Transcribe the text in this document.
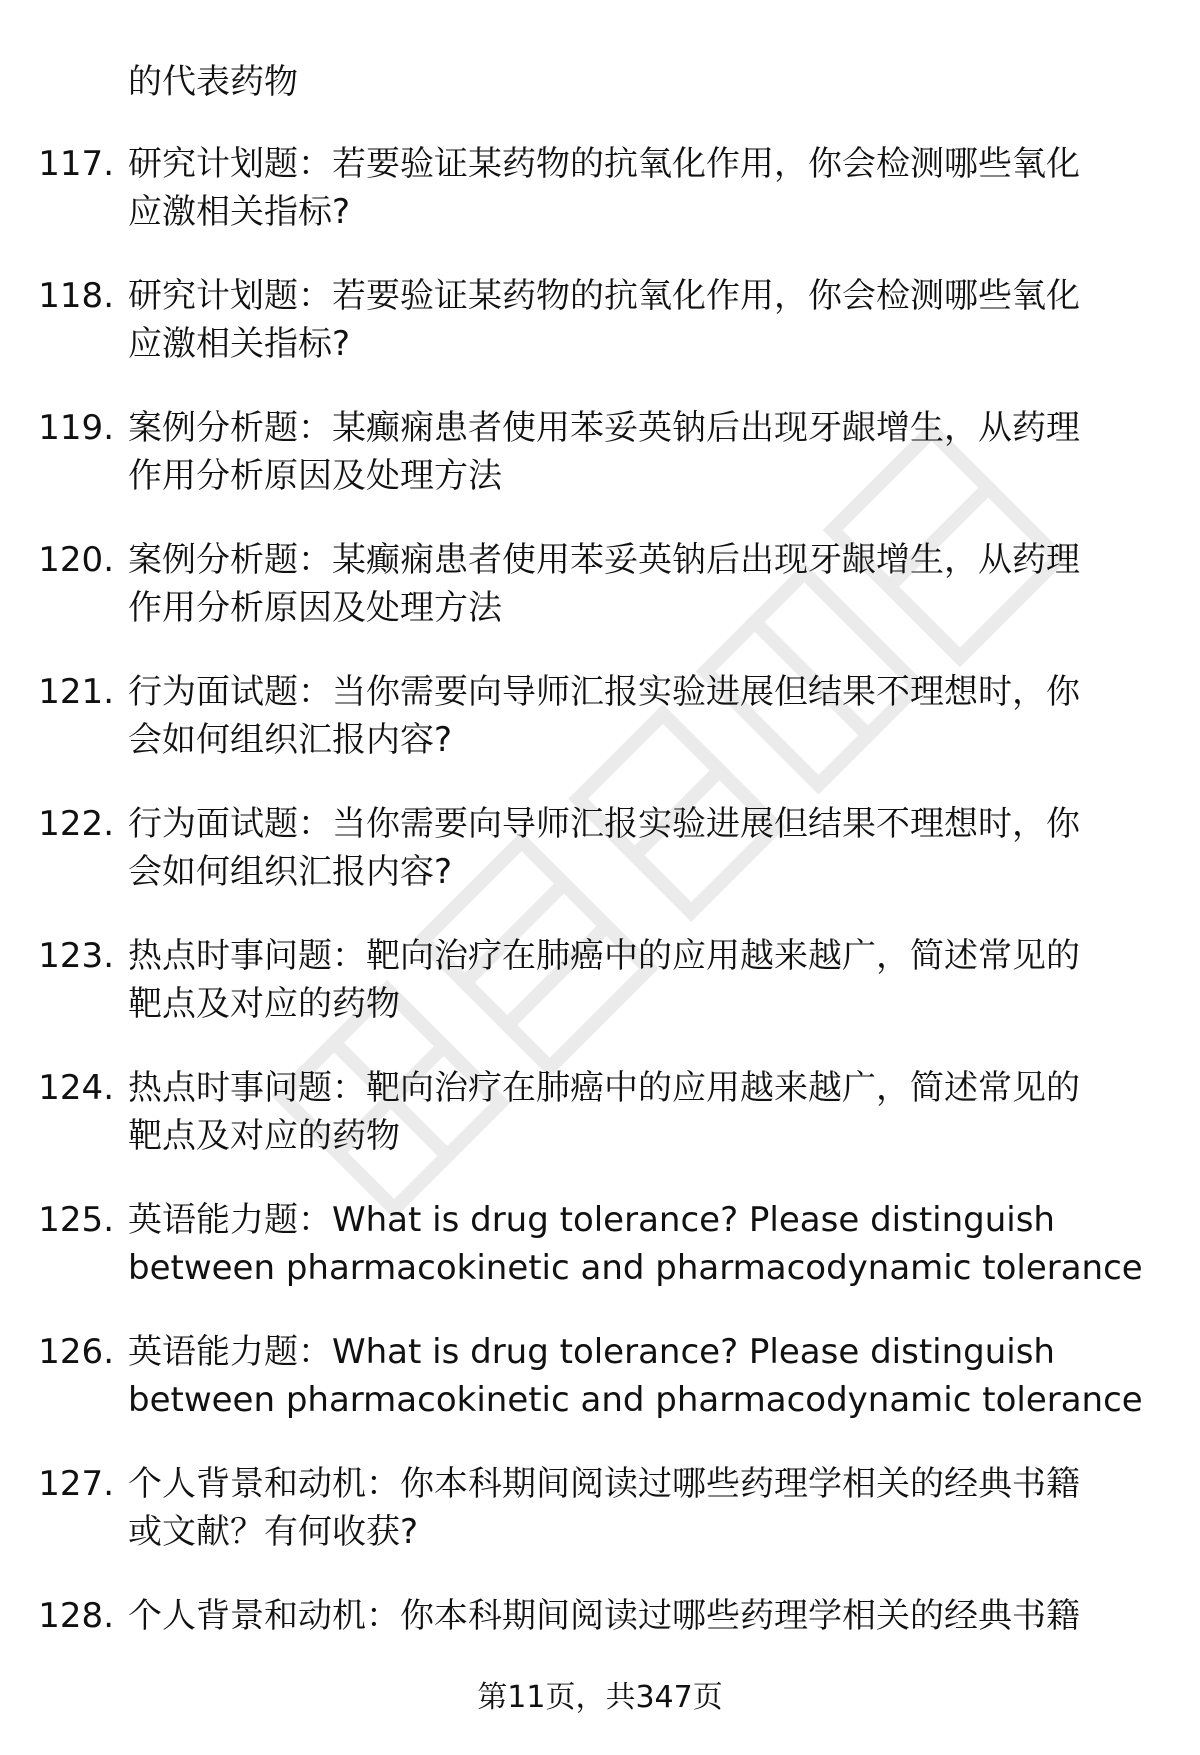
的代表药物
117. 研究计划题：若要验证某药物的抗氧化作用，你会检测哪些氧化
应激相关指标?
118. 研究计划题：若要验证某药物的抗氧化作用，你会检测哪些氧化
应激相关指标?
119. 案例分析题：某癫痫患者使用苯妥英钠后出现牙龈增生，从药理
作用分析原因及处理方法
120. 案例分析题：某癫痫患者使用苯妥英钠后出现牙龈增生，从药理
作用分析原因及处理方法
121. 行为面试题：当你需要向导师汇报实验进展但结果不理想时，你
会如何组织汇报内容?
122. 行为面试题：当你需要向导师汇报实验进展但结果不理想时，你
会如何组织汇报内容?
123. 热点时事问题：靶向治疗在肺癌中的应用越来越广，简述常见的
靶点及对应的药物
124. 热点时事问题：靶向治疗在肺癌中的应用越来越广，简述常见的
靶点及对应的药物
125. 英语能力题：What is drug tolerance? Please distinguish
between pharmacokinetic and pharmacodynamic tolerance
126. 英语能力题：What is drug tolerance? Please distinguish
between pharmacokinetic and pharmacodynamic tolerance
127. 个人背景和动机：你本科期间阅读过哪些药理学相关的经典书籍
或文献？有何收获?
128. 个人背景和动机：你本科期间阅读过哪些药理学相关的经典书籍
第11页，共347页
